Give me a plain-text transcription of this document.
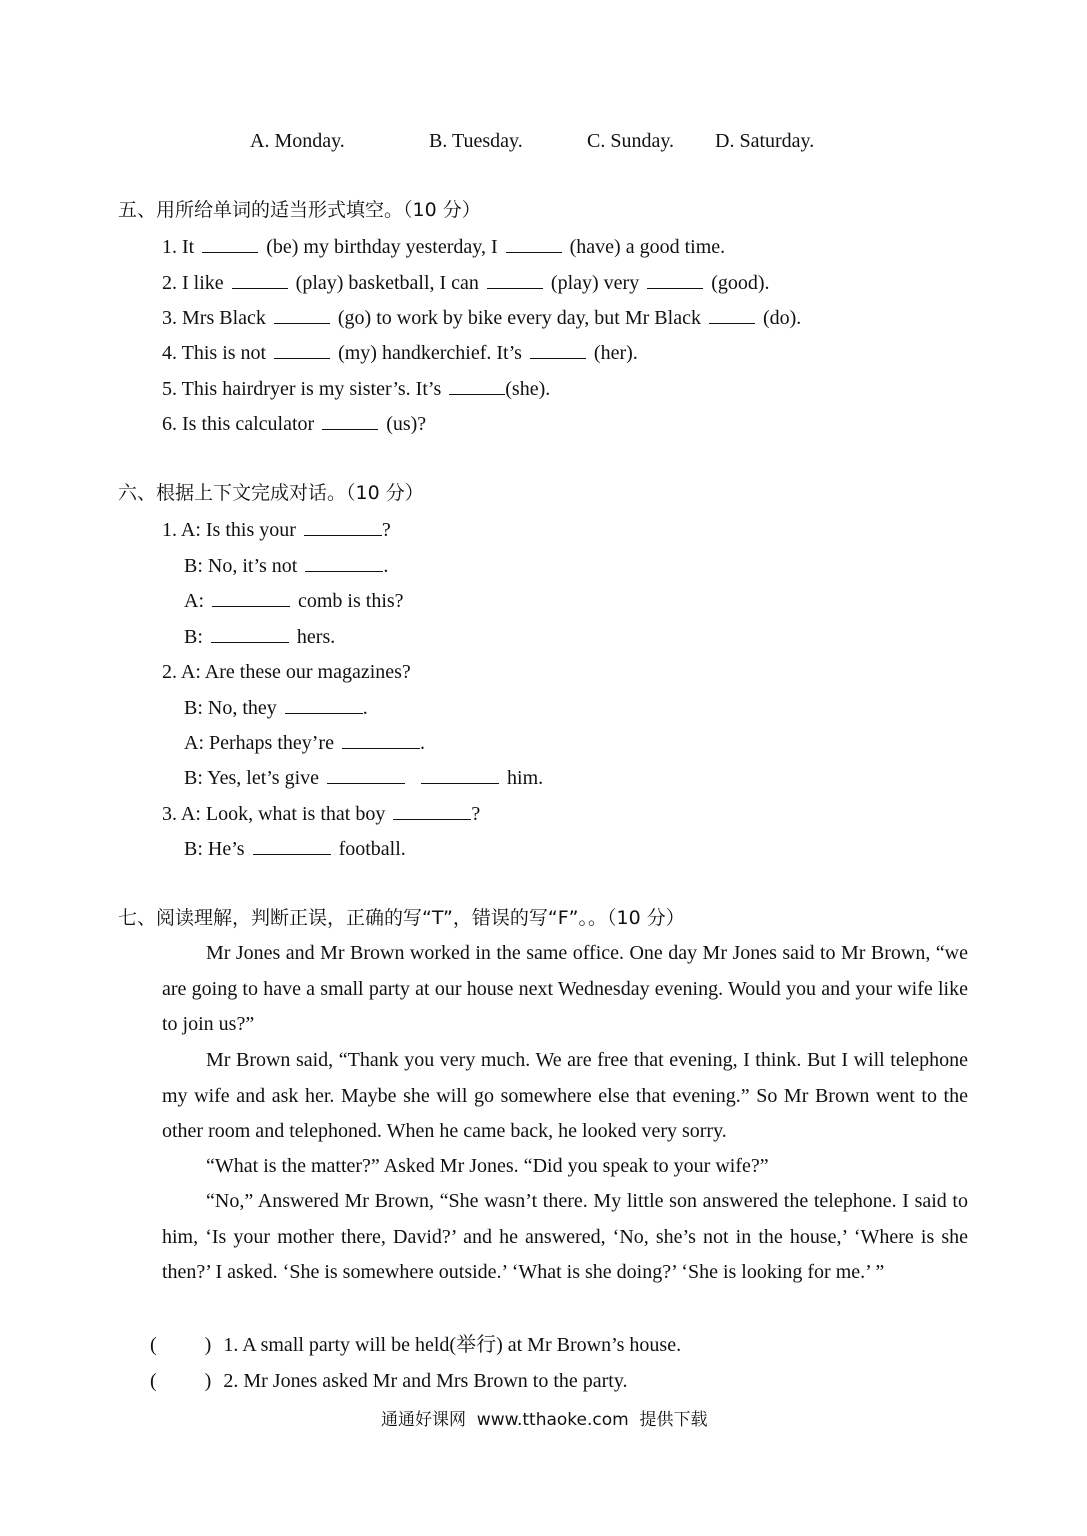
A. Monday.	B. Tuesday.	C. Sunday. D. Saturday.
五、用所给单词的适当形式填空。（10 分）
1. It	(be) my birthday yesterday, I	(have) a good time.
2. I like	(play) basketball, I can	(play) very	(good).
3. Mrs Black	(go) to work by bike every day, but Mr Black	(do).
4. This is not	(my) handkerchief. It’s	(her).
5. This hairdryer is my sister’s. It’s	(she).
6. Is this calculator	(us)?
六、根据上下文完成对话。（10 分）
1. A: Is this your	?
B: No, it’s not	.
A:	comb is this?
B:	hers.
2. A: Are these our magazines?
B: No, they	.
A: Perhaps they’re	.
B: Yes, let’s give	him.
3. A: Look, what is that boy	?
B: He’s	football.
七、阅读理解，判断正误，正确的写“T”，错误的写“F”。。（10 分）
Mr Jones and Mr Brown worked in the same office. One day Mr Jones said to Mr Brown, “we are going to have a small party at our house next Wednesday evening. Would you and your wife like to join us?”
Mr Brown said, “Thank you very much. We are free that evening, I think. But I will telephone my wife and ask her. Maybe she will go somewhere else that evening.” So Mr Brown went to the other room and telephoned. When he came back, he looked very sorry.
“What is the matter?” Asked Mr Jones. “Did you speak to your wife?”
“No,” Answered Mr Brown, “She wasn’t there. My little son answered the telephone. I said to him, ‘Is your mother there, David?’ and he answered, ‘No, she’s not in the house,’ ‘Where is she then?’ I asked. ‘She is somewhere outside.’ ‘What is she doing?’ ‘She is looking for me.’ ”
( ) 1. A small party will be held(举行) at Mr Brown’s house.
( ) 2. Mr Jones asked Mr and Mrs Brown to the party.
通通好课网  www.tthaoke.com  提供下载
